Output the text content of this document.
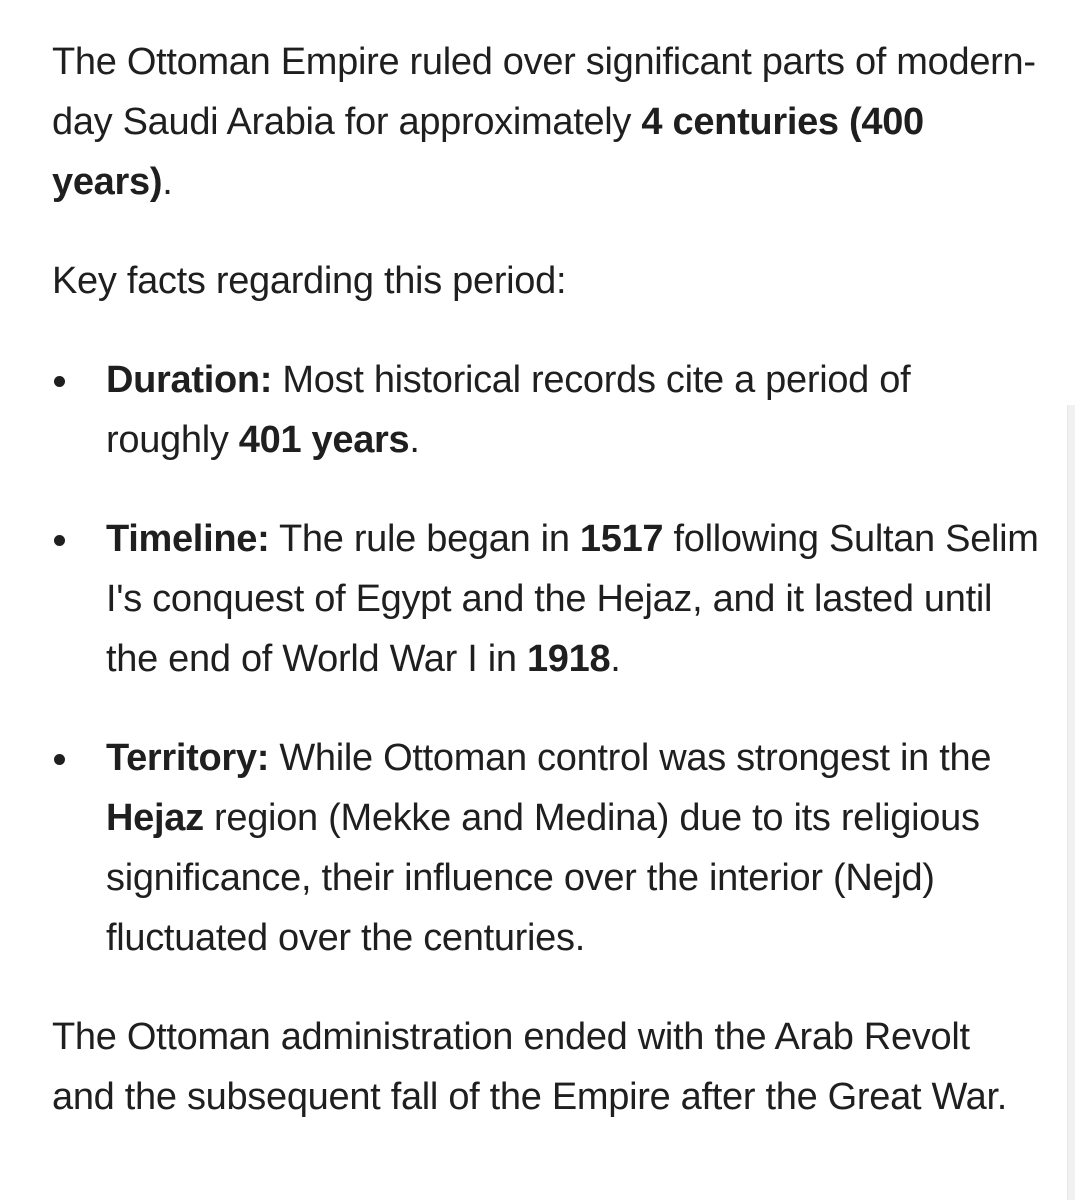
The Ottoman Empire ruled over significant parts of modern-day Saudi Arabia for approximately 4 centuries (400 years).

Key facts regarding this period:

Duration: Most historical records cite a period of roughly 401 years.
Timeline: The rule began in 1517 following Sultan Selim I's conquest of Egypt and the Hejaz, and it lasted until the end of World War I in 1918.
Territory: While Ottoman control was strongest in the Hejaz region (Mekke and Medina) due to its religious significance, their influence over the interior (Nejd) fluctuated over the centuries.

The Ottoman administration ended with the Arab Revolt and the subsequent fall of the Empire after the Great War.
